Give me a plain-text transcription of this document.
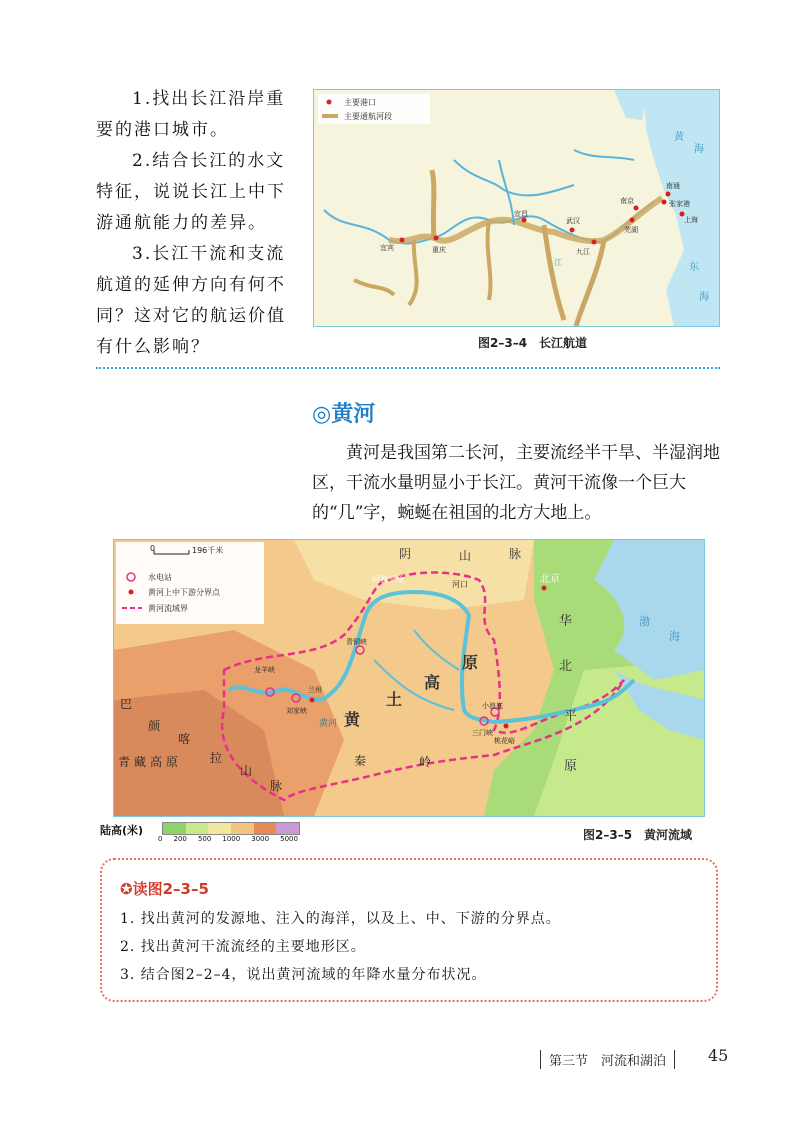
1.找出长江沿岸重要的港口城市。

2.结合长江的水文特征，说说长江上中下游通航能力的差异。

3.长江干流和支流航道的延伸方向有何不同？这对它的航运价值有什么影响？

主要港口
主要通航河段
宜宾	重庆
宜昌
武汉
九江
南京
芜湖
南通
张家港
上海
黄
海
东
海
江
图2–3–4　长江航道
◎黄河

黄河是我国第二长河，主要流经半干旱、半湿润地区，干流水量明显小于长江。黄河干流像一个巨大的“几”字，蜿蜒在祖国的北方大地上。

0	196千米
水电站
黄河上中下游分界点
黄河流域界
阴	山	脉
河套平原
河口	北京
华
北
平
原
黄
土
高
原
青 藏 高 原
巴
颜
喀
拉
山
脉
秦	岭
渤
海
黄河
龙羊峡
刘家峡
兰州
青铜峡
三门峡
小浪底
桃花峪
陆高(米)
0 200 500 1000 3000 5000	图2–3–5　黄河流域
✪读图2–3–5
1. 找出黄河的发源地、注入的海洋，以及上、中、下游的分界点。
2. 找出黄河干流流经的主要地形区。
3. 结合图2–2–4，说出黄河流域的年降水量分布状况。
第三节　河流和湖泊	45
